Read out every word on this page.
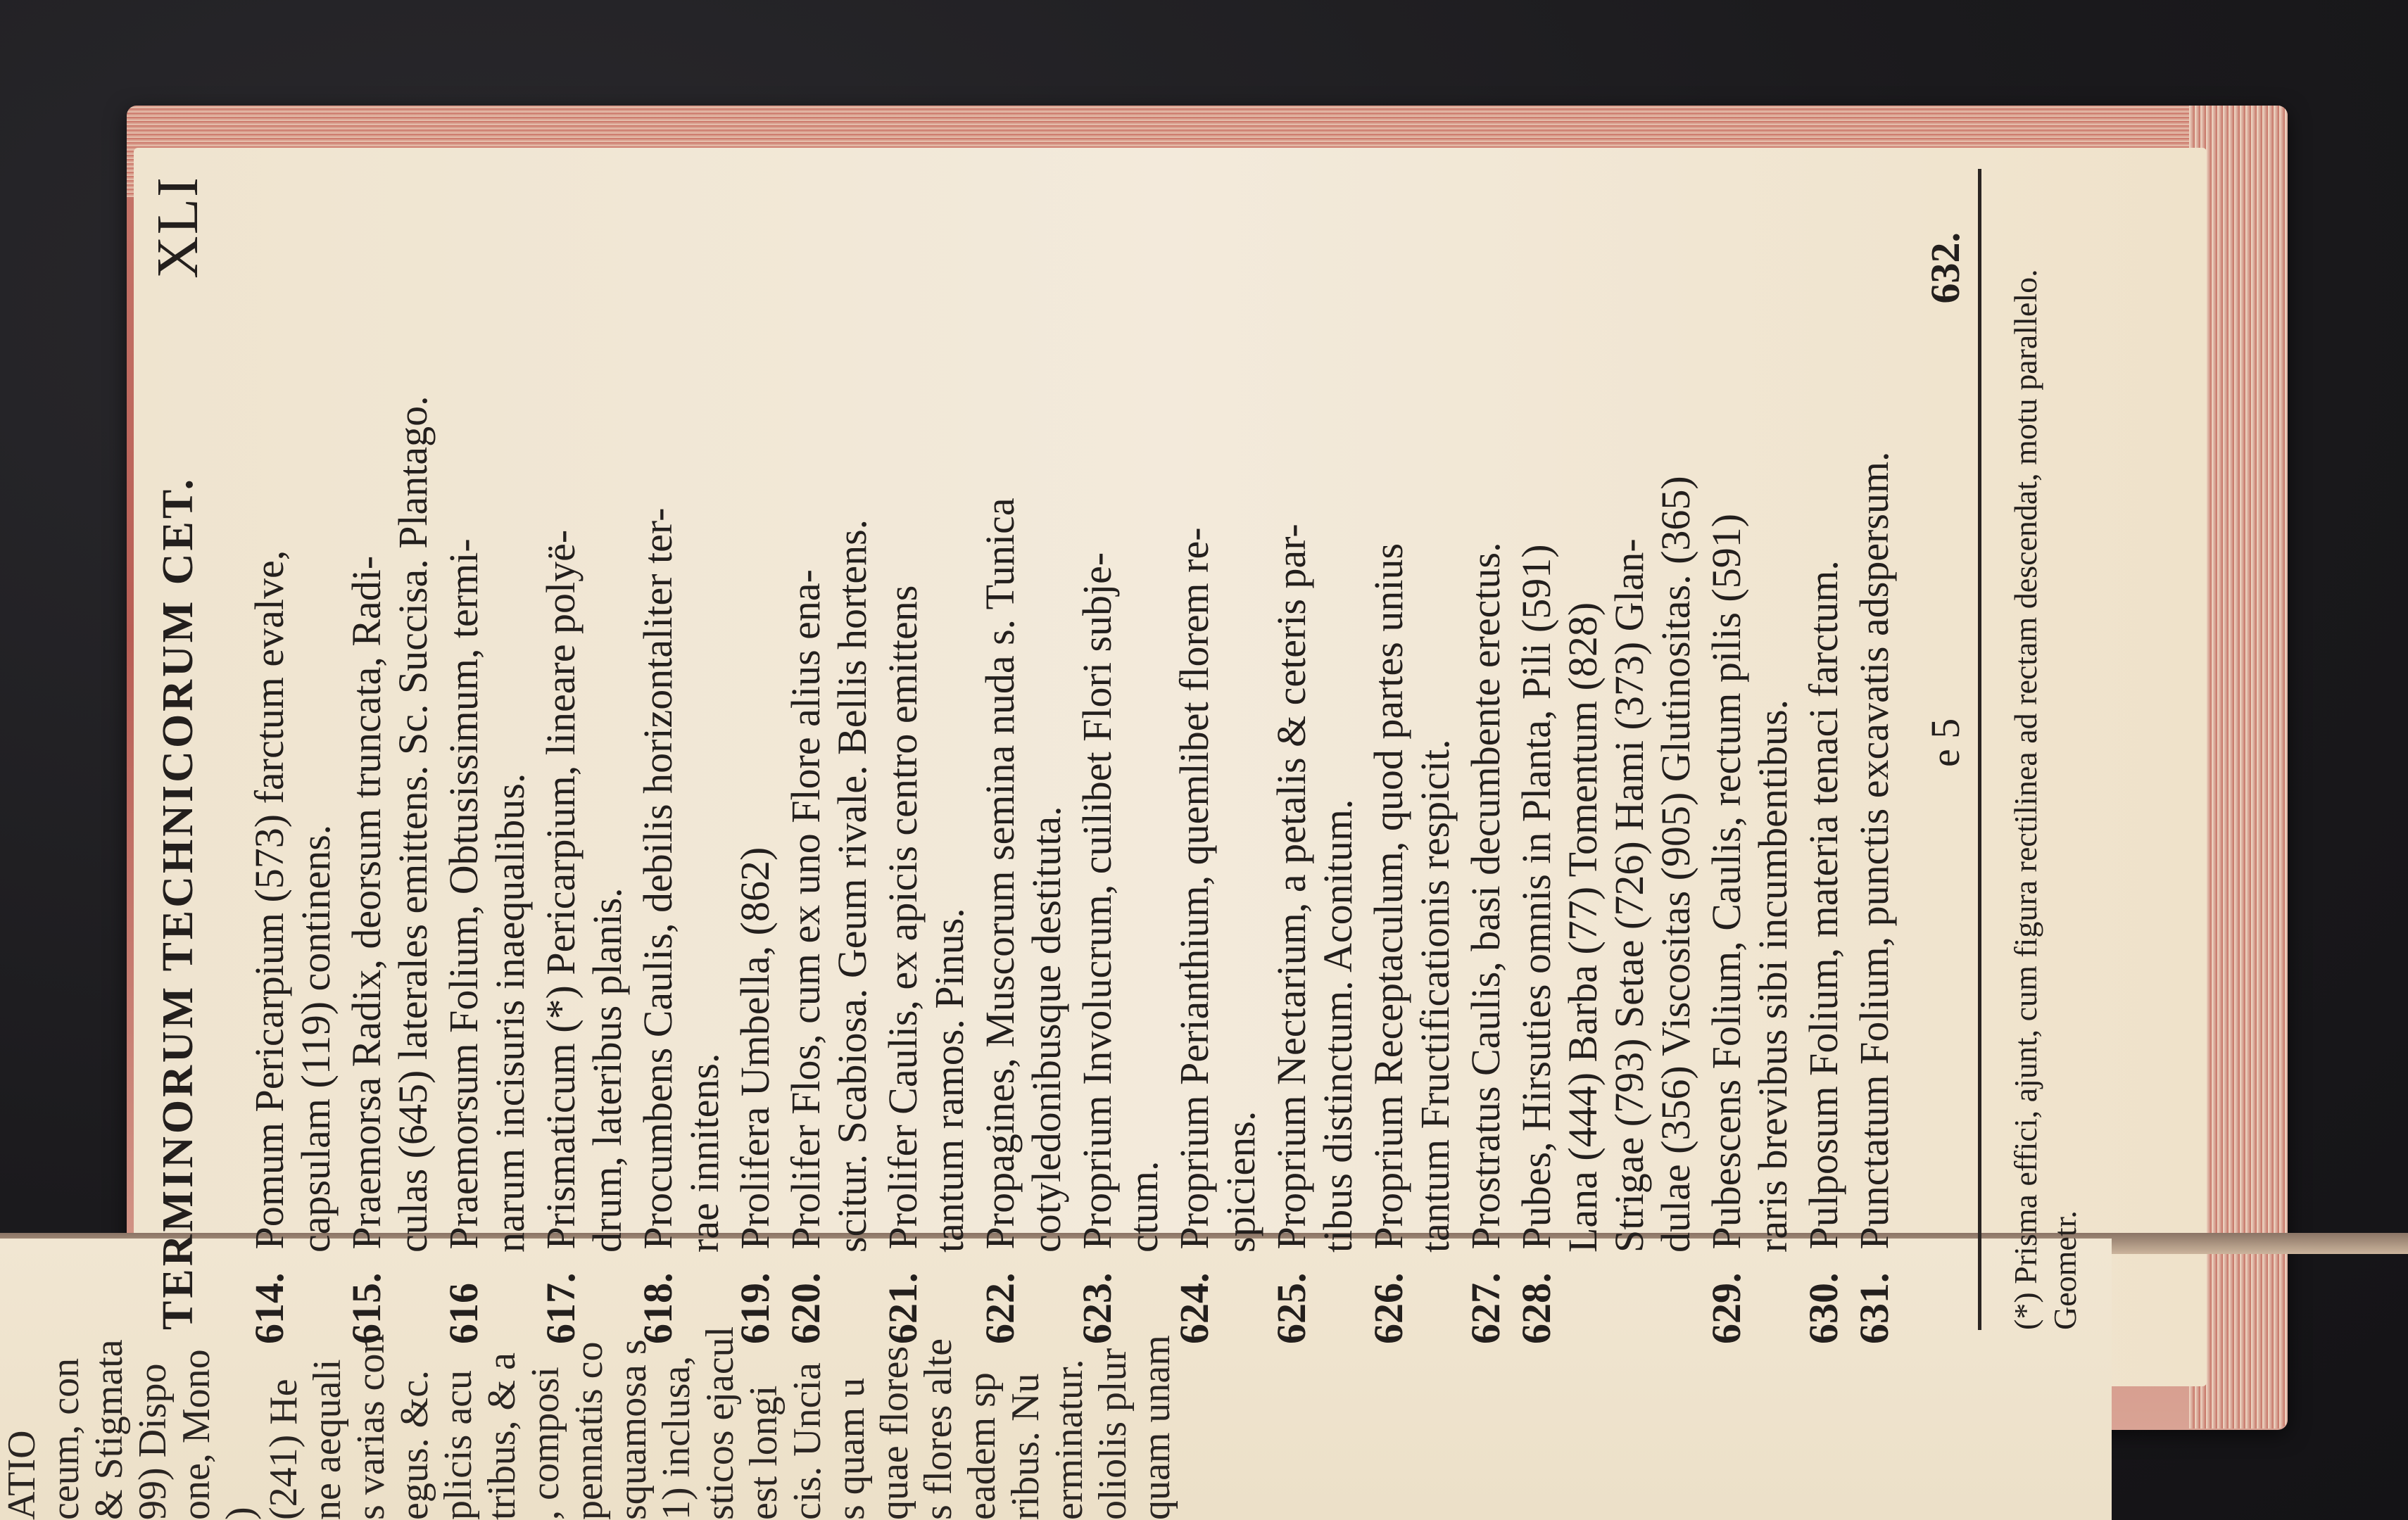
ATIO ceum, con & Stigmata 99) Dispo one, Mono ) (241) He ne aequali s varias con egus. &c. plicis acu tribus, & a , composi pennatis co squamosa s 1) inclusa, sticos ejacul est longi cis. Uncia s quam u quae flores s flores alte eadem sp ribus. Nu erminatur. oliolis plur quam unam
TERMINORUM TECHNICORUM CET.
XLI
614. Pomum Pericarpium (573) farctum evalve, capsulam (119) continens.
615. Praemorsa Radix, deorsum truncata, Radi- culas (645) laterales emittens. Sc. Succisa. Plantago.
616 Praemorsum Folium, Obtusissimum, termi- narum incisuris inaequalibus.
617. Prismaticum (*) Pericarpium, lineare polyë- drum, lateribus planis.
618. Procumbens Caulis, debilis horizontaliter ter- rae innitens.
619. Prolifera Umbella, (862)
620. Prolifer Flos, cum ex uno Flore alius ena- scitur. Scabiosa. Geum rivale. Bellis hortens.
621. Prolifer Caulis, ex apicis centro emittens tantum ramos. Pinus.
622. Propagines, Muscorum semina nuda s. Tunica cotyledonibusque destituta.
623. Proprium Involucrum, cuilibet Flori subje- ctum.
624. Proprium Perianthium, quemlibet florem re- spiciens.
625. Proprium Nectarium, a petalis & ceteris par- tibus distinctum. Aconitum.
626. Proprium Receptaculum, quod partes unius tantum Fructificationis respicit.
627. Prostratus Caulis, basi decumbente erectus.
628. Pubes, Hirsuties omnis in Planta, Pili (591) Lana (444) Barba (77) Tomentum (828) Strigae (793) Setae (726) Hami (373) Glan- dulae (356) Viscositas (905) Glutinositas. (365)
629. Pubescens Folium, Caulis, rectum pilis (591) raris brevibus sibi incumbentibus.
630. Pulposum Folium, materia tenaci farctum.
631. Punctatum Folium, punctis excavatis adspersum. e 5
632.
(*) Prisma effici, ajunt, cum figura rectilinea ad rectam descendat, motu parallelo. Geometr.
